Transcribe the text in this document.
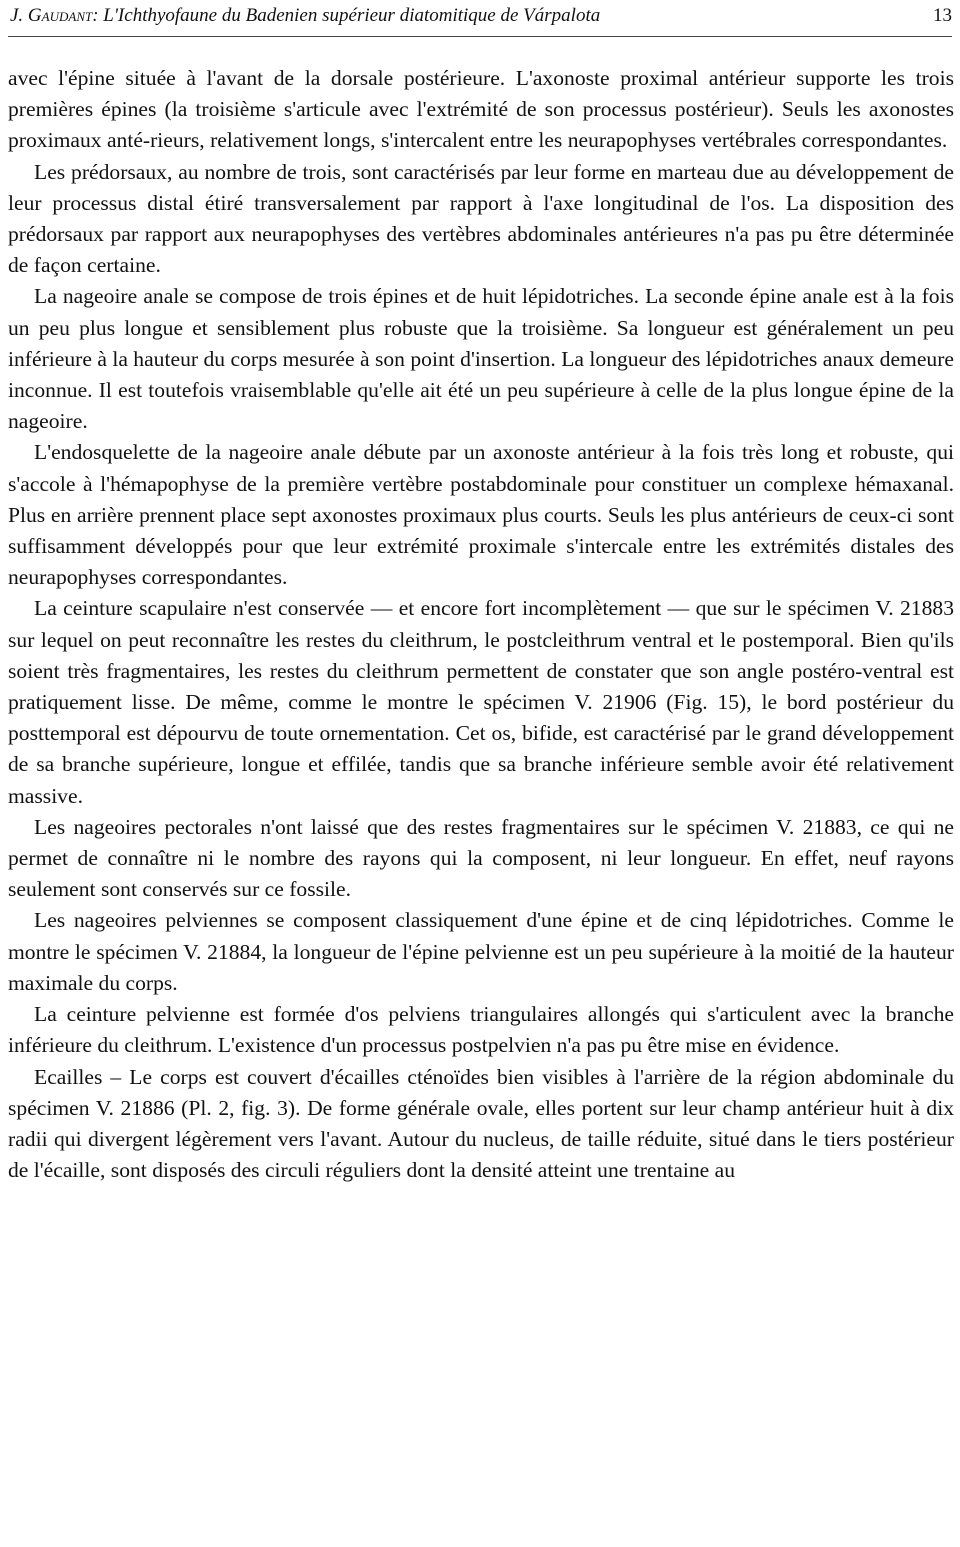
J. Gaudant: L'Ichthyofaune du Badenien supérieur diatomitique de Várpalota	13

avec l'épine située à l'avant de la dorsale postérieure. L'axonoste proximal antérieur supporte les trois premières épines (la troisième s'articule avec l'extrémité de son processus postérieur). Seuls les axonostes proximaux anté-rieurs, relativement longs, s'intercalent entre les neurapophyses vertébrales correspondantes.

Les prédorsaux, au nombre de trois, sont caractérisés par leur forme en marteau due au développement de leur processus distal étiré transversalement par rapport à l'axe longitudinal de l'os. La disposition des prédorsaux par rapport aux neurapophyses des vertèbres abdominales antérieures n'a pas pu être déterminée de façon certaine.

La nageoire anale se compose de trois épines et de huit lépidotriches. La seconde épine anale est à la fois un peu plus longue et sensiblement plus robuste que la troisième. Sa longueur est généralement un peu inférieure à la hauteur du corps mesurée à son point d'insertion. La longueur des lépidotriches anaux demeure inconnue. Il est toutefois vraisemblable qu'elle ait été un peu supérieure à celle de la plus longue épine de la nageoire.

L'endosquelette de la nageoire anale débute par un axonoste antérieur à la fois très long et robuste, qui s'accole à l'hémapophyse de la première vertèbre postabdominale pour constituer un complexe hémaxanal. Plus en arrière prennent place sept axonostes proximaux plus courts. Seuls les plus antérieurs de ceux-ci sont suffisamment développés pour que leur extrémité proximale s'intercale entre les extrémités distales des neurapophyses correspondantes.

La ceinture scapulaire n'est conservée — et encore fort incomplètement — que sur le spécimen V. 21883 sur lequel on peut reconnaître les restes du cleithrum, le postcleithrum ventral et le postemporal. Bien qu'ils soient très fragmentaires, les restes du cleithrum permettent de constater que son angle postéro-ventral est pratiquement lisse. De même, comme le montre le spécimen V. 21906 (Fig. 15), le bord postérieur du posttemporal est dépourvu de toute ornementation. Cet os, bifide, est caractérisé par le grand développement de sa branche supérieure, longue et effilée, tandis que sa branche inférieure semble avoir été relativement massive.

Les nageoires pectorales n'ont laissé que des restes fragmentaires sur le spécimen V. 21883, ce qui ne permet de connaître ni le nombre des rayons qui la composent, ni leur longueur. En effet, neuf rayons seulement sont conservés sur ce fossile.

Les nageoires pelviennes se composent classiquement d'une épine et de cinq lépidotriches. Comme le montre le spécimen V. 21884, la longueur de l'épine pelvienne est un peu supérieure à la moitié de la hauteur maximale du corps.

La ceinture pelvienne est formée d'os pelviens triangulaires allongés qui s'articulent avec la branche inférieure du cleithrum. L'existence d'un processus postpelvien n'a pas pu être mise en évidence.

Ecailles – Le corps est couvert d'écailles cténoïdes bien visibles à l'arrière de la région abdominale du spécimen V. 21886 (Pl. 2, fig. 3). De forme générale ovale, elles portent sur leur champ antérieur huit à dix radii qui divergent légèrement vers l'avant. Autour du nucleus, de taille réduite, situé dans le tiers postérieur de l'écaille, sont disposés des circuli réguliers dont la densité atteint une trentaine au
